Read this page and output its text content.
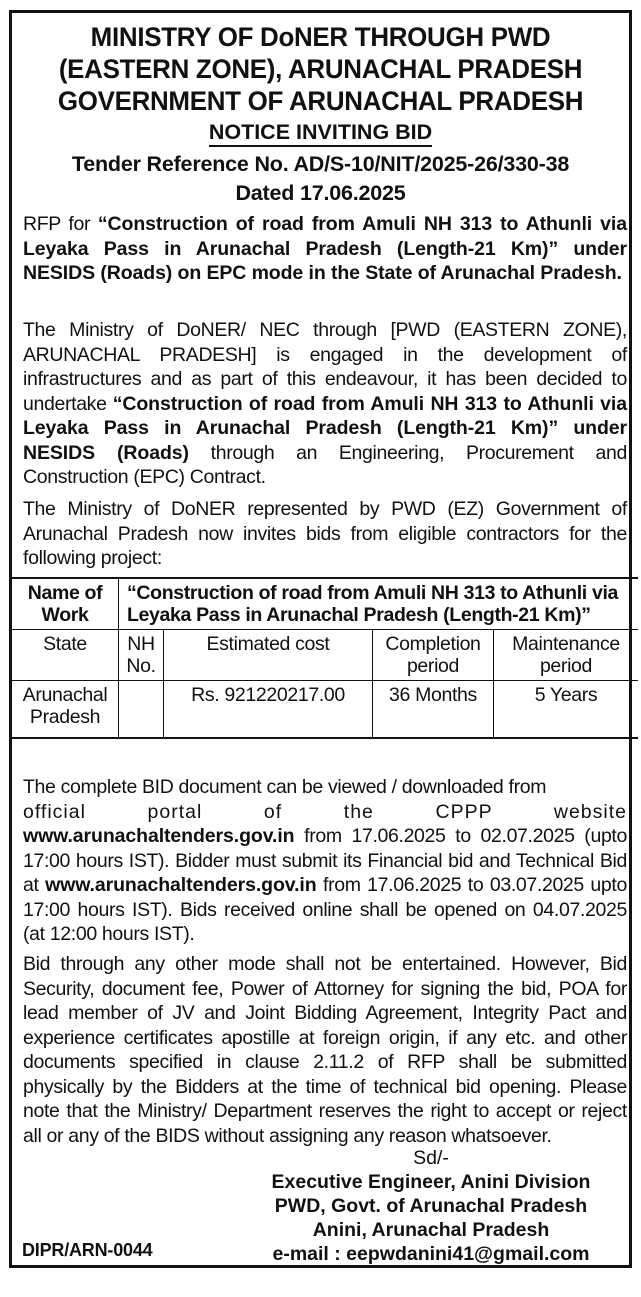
MINISTRY OF DoNER THROUGH PWD
(EASTERN ZONE), ARUNACHAL PRADESH
GOVERNMENT OF ARUNACHAL PRADESH
NOTICE INVITING BID
Tender Reference No. AD/S-10/NIT/2025-26/330-38
Dated 17.06.2025
RFP for “Construction of road from Amuli NH 313 to Athunli via Leyaka Pass in Arunachal Pradesh (Length-21 Km)” under NESIDS (Roads) on EPC mode in the State of Arunachal Pradesh.
The Ministry of DoNER/ NEC through [PWD (EASTERN ZONE), ARUNACHAL PRADESH] is engaged in the development of infrastructures and as part of this endeavour, it has been decided to undertake “Construction of road from Amuli NH 313 to Athunli via Leyaka Pass in Arunachal Pradesh (Length-21 Km)” under NESIDS (Roads) through an Engineering, Procurement and Construction (EPC) Contract.
The Ministry of DoNER represented by PWD (EZ) Government of Arunachal Pradesh now invites bids from eligible contractors for the following project:
Name of Work	“Construction of road from Amuli NH 313 to Athunli via Leyaka Pass in Arunachal Pradesh (Length-21 Km)”			
State	NH No.	Estimated cost	Completion period	Maintenance period
Arunachal Pradesh		Rs. 921220217.00	36 Months	5 Years
The complete BID document can be viewed / downloaded from
official portal of the CPPP website
www.arunachaltenders.gov.in from 17.06.2025 to 02.07.2025 (upto 17:00 hours IST). Bidder must submit its Financial bid and Technical Bid at www.arunachaltenders.gov.in from 17.06.2025 to 03.07.2025 upto 17:00 hours IST). Bids received online shall be opened on 04.07.2025 (at 12:00 hours IST).
Bid through any other mode shall not be entertained. However, Bid Security, document fee, Power of Attorney for signing the bid, POA for lead member of JV and Joint Bidding Agreement, Integrity Pact and experience certificates apostille at foreign origin, if any etc. and other documents specified in clause 2.11.2 of RFP shall be submitted physically by the Bidders at the time of technical bid opening. Please note that the Ministry/ Department reserves the right to accept or reject all or any of the BIDS without assigning any reason whatsoever.
Sd/-
Executive Engineer, Anini Division
PWD, Govt. of Arunachal Pradesh
Anini, Arunachal Pradesh
e-mail : eepwdanini41@gmail.com
DIPR/ARN-0044
